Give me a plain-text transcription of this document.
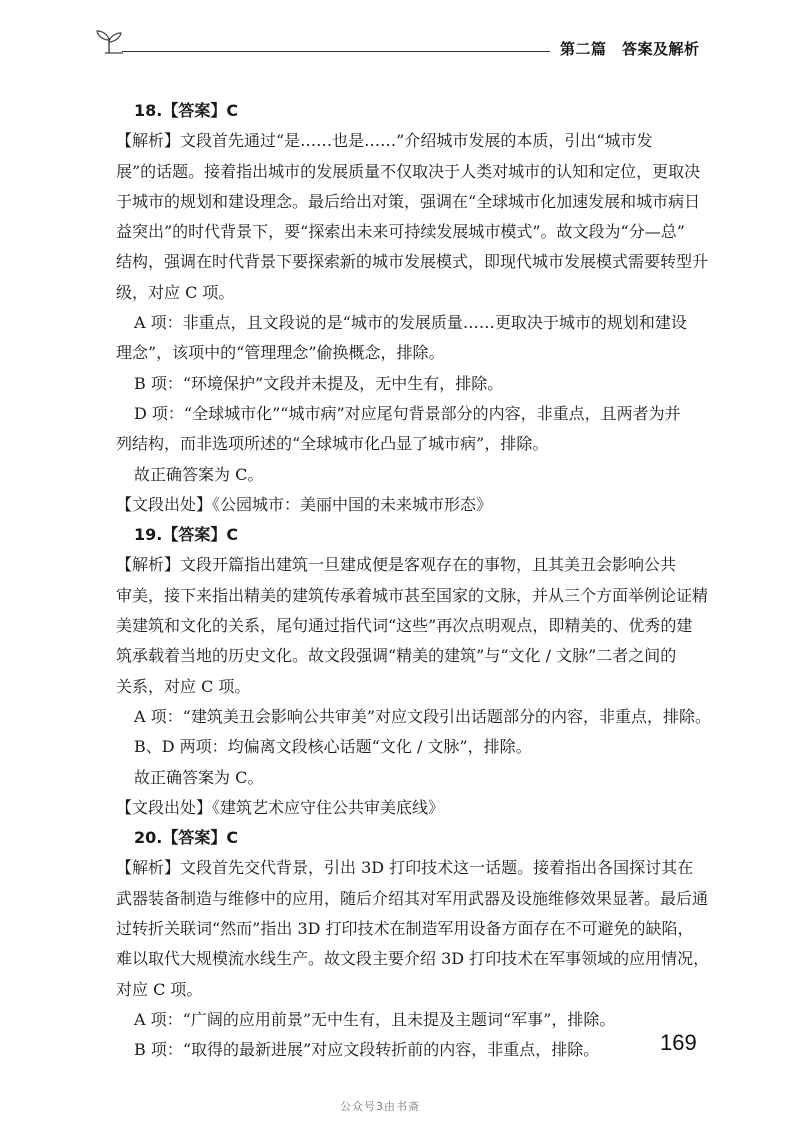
第二篇　答案及解析
18.【答案】C
【解析】文段首先通过“是……也是……”介绍城市发展的本质，引出“城市发
展”的话题。接着指出城市的发展质量不仅取决于人类对城市的认知和定位，更取决
于城市的规划和建设理念。最后给出对策，强调在“全球城市化加速发展和城市病日
益突出”的时代背景下，要“探索出未来可持续发展城市模式”。故文段为“分—总”
结构，强调在时代背景下要探索新的城市发展模式，即现代城市发展模式需要转型升
级，对应 C 项。
A 项：非重点，且文段说的是“城市的发展质量……更取决于城市的规划和建设
理念”，该项中的“管理理念”偷换概念，排除。
B 项：“环境保护”文段并未提及，无中生有，排除。
D 项：“全球城市化”“城市病”对应尾句背景部分的内容，非重点，且两者为并
列结构，而非选项所述的“全球城市化凸显了城市病”，排除。
故正确答案为 C。
【文段出处】《公园城市：美丽中国的未来城市形态》
19.【答案】C
【解析】文段开篇指出建筑一旦建成便是客观存在的事物，且其美丑会影响公共
审美，接下来指出精美的建筑传承着城市甚至国家的文脉，并从三个方面举例论证精
美建筑和文化的关系，尾句通过指代词“这些”再次点明观点，即精美的、优秀的建
筑承载着当地的历史文化。故文段强调“精美的建筑”与“文化 / 文脉”二者之间的
关系，对应 C 项。
A 项：“建筑美丑会影响公共审美”对应文段引出话题部分的内容，非重点，排除。
B、D 两项：均偏离文段核心话题“文化 / 文脉”，排除。
故正确答案为 C。
【文段出处】《建筑艺术应守住公共审美底线》
20.【答案】C
【解析】文段首先交代背景，引出 3D 打印技术这一话题。接着指出各国探讨其在
武器装备制造与维修中的应用，随后介绍其对军用武器及设施维修效果显著。最后通
过转折关联词“然而”指出 3D 打印技术在制造军用设备方面存在不可避免的缺陷，
难以取代大规模流水线生产。故文段主要介绍 3D 打印技术在军事领域的应用情况，
对应 C 项。
A 项：“广阔的应用前景”无中生有，且未提及主题词“军事”，排除。
B 项：“取得的最新进展”对应文段转折前的内容，非重点，排除。	169
公众号3由书斋
